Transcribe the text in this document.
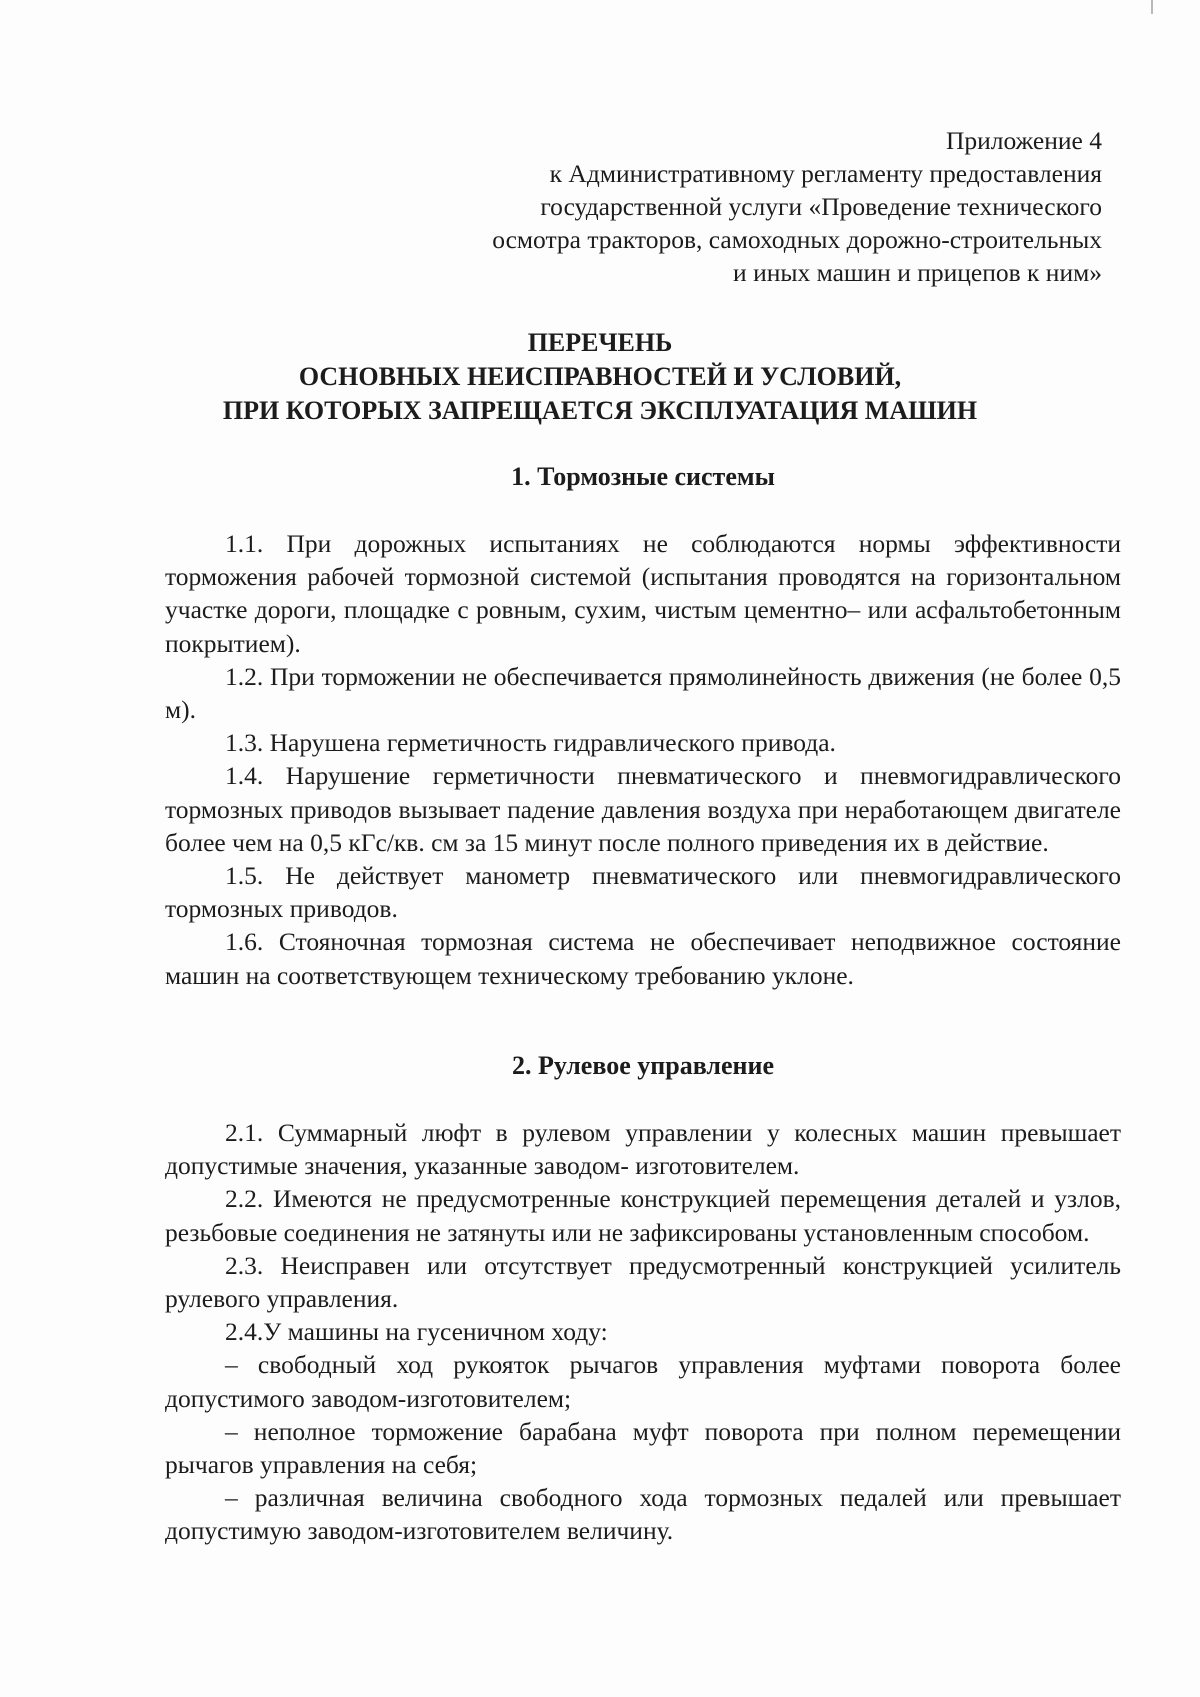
Приложение 4
к Административному регламенту предоставления
государственной услуги «Проведение технического
осмотра тракторов, самоходных дорожно-строительных
и иных машин и прицепов к ним»
ПЕРЕЧЕНЬ
ОСНОВНЫХ НЕИСПРАВНОСТЕЙ И УСЛОВИЙ,
ПРИ КОТОРЫХ ЗАПРЕЩАЕТСЯ ЭКСПЛУАТАЦИЯ МАШИН
1. Тормозные системы

1.1. При дорожных испытаниях не соблюдаются нормы эффективности торможения рабочей тормозной системой (испытания проводятся на горизонтальном участке дороги, площадке с ровным, сухим, чистым цементно– или асфальтобетонным покрытием).

1.2. При торможении не обеспечивается прямолинейность движения (не более 0,5 м).

1.3. Нарушена герметичность гидравлического привода.

1.4. Нарушение герметичности пневматического и пневмогидравлического тормозных приводов вызывает падение давления воздуха при неработающем двигателе более чем на 0,5 кГс/кв. см за 15 минут после полного приведения их в действие.

1.5. Не действует манометр пневматического или пневмогидравлического тормозных приводов.

1.6. Стояночная тормозная система не обеспечивает неподвижное состояние машин на соответствующем техническому требованию уклоне.

2. Рулевое управление

2.1. Суммарный люфт в рулевом управлении у колесных машин превышает допустимые значения, указанные заводом- изготовителем.

2.2. Имеются не предусмотренные конструкцией перемещения деталей и узлов, резьбовые соединения не затянуты или не зафиксированы установленным способом.

2.3. Неисправен или отсутствует предусмотренный конструкцией усилитель рулевого управления.

2.4.У машины на гусеничном ходу:

– свободный ход рукояток рычагов управления муфтами поворота более допустимого заводом-изготовителем;

– неполное торможение барабана муфт поворота при полном перемещении рычагов управления на себя;

– различная величина свободного хода тормозных педалей или превышает допустимую заводом-изготовителем величину.
